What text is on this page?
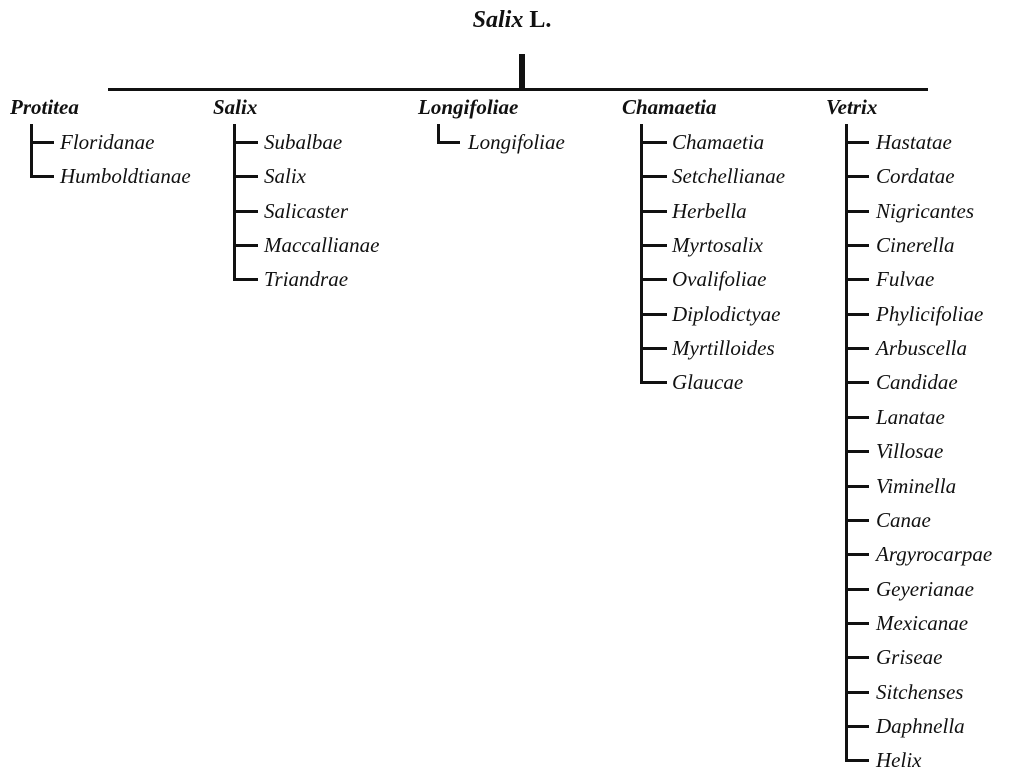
Salix L.
Protitea
Floridanae
Humboldtianae
Salix
Subalbae
Salix
Salicaster
Maccallianae
Triandrae
Longifoliae
Longifoliae
Chamaetia
Chamaetia
Setchellianae
Herbella
Myrtosalix
Ovalifoliae
Diplodictyae
Myrtilloides
Glaucae
Vetrix
Hastatae
Cordatae
Nigricantes
Cinerella
Fulvae
Phylicifoliae
Arbuscella
Candidae
Lanatae
Villosae
Viminella
Canae
Argyrocarpae
Geyerianae
Mexicanae
Griseae
Sitchenses
Daphnella
Helix
